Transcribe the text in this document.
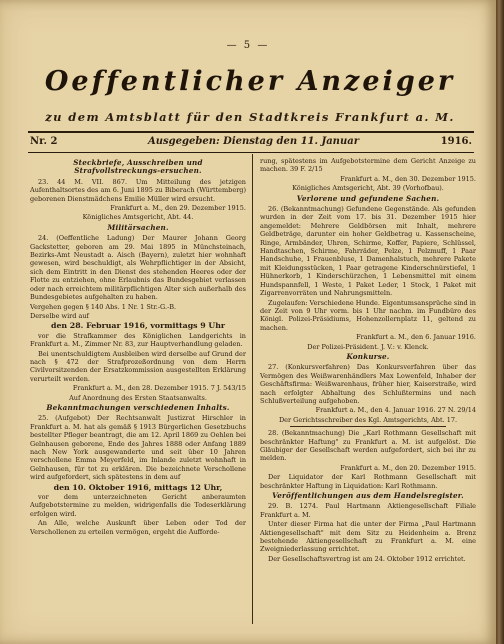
— 5 —
Oeffentlicher Anzeiger
zu dem Amtsblatt für den Stadtkreis Frankfurt a. M.
Nr. 2	Ausgegeben: Dienstag den 11. Januar	1916.
Steckbriefe, Ausschreiben und Strafvollstreckungs-ersuchen.

23. 44 M. VII. 867. Um Mitteilung des jetzigen Aufenthaltsortes des am 6. Juni 1895 zu Biberach (Württemberg) geborenen Dienstmädchens Emilie Müller wird ersucht.

Frankfurt a. M., den 29. Dezember 1915.

Königliches Amtsgericht, Abt. 44.

Militärsachen.

24. (Oeffentliche Ladung) Der Maurer Johann Georg Gackstetter, geboren am 29. Mai 1895 in Münchsteinach, Bezirks-Amt Neustadt a. Aisch (Bayern), zuletzt hier wohnhaft gewesen, wird beschuldigt, als Wehrpflichtiger in der Absicht, sich dem Eintritt in den Dienst des stehenden Heeres oder der Flotte zu entziehen, ohne Erlaubnis das Bundesgebiet verlassen oder nach erreichtem militärpflichtigen Alter sich außerhalb des Bundesgebietes aufgehalten zu haben.

Vergehen gegen § 140 Abs. 1 Nr. 1 Str.-G.-B.

Derselbe wird auf

den 28. Februar 1916, vormittags 9 Uhr

vor die Strafkammer des Königlichen Landgerichts in Frankfurt a. M., Zimmer Nr. 83, zur Hauptverhandlung geladen.

Bei unentschuldigtem Ausbleiben wird derselbe auf Grund der nach § 472 der Strafprozeßordnung von dem Herrn Civilvorsitzenden der Ersatzkommission ausgestellten Erklärung verurteilt werden.

Frankfurt a. M., den 28. Dezember 1915. 7 J. 543/15

Auf Anordnung des Ersten Staatsanwalts.

Bekanntmachungen verschiedenen Inhalts.

25. (Aufgebot) Der Rechtsanwalt Justizrat Hirschler in Frankfurt a. M. hat als gemäß § 1913 Bürgerlichen Gesetzbuchs bestellter Pfleger beantragt, die am 12. April 1869 zu Oehlen bei Gelnhausen geborene, Ende des Jahres 1888 oder Anfang 1889 nach New York ausgewanderte und seit über 10 Jahren verschollene Emma Meyerfeld, im Inlande zuletzt wohnhaft in Gelnhausen, für tot zu erklären. Die bezeichnete Verschollene wird aufgefordert, sich spätestens in dem auf

den 10. Oktober 1916, mittags 12 Uhr,

vor dem unterzeichneten Gericht anberaumten Aufgebotstermine zu melden, widrigenfalls die Todeserklärung erfolgen wird.

An Alle, welche Auskunft über Leben oder Tod der Verschollenen zu erteilen vermögen, ergeht die Aufforde-

rung, spätestens im Aufgebotstermine dem Gericht Anzeige zu machen. 39 F. 2/15

Frankfurt a. M., den 30. Dezember 1915.

Königliches Amtsgericht, Abt. 39 (Vorhofbau).

Verlorene und gefundene Sachen.

26. (Bekanntmachung) Gefundene Gegenstände. Als gefunden wurden in der Zeit vom 17. bis 31. Dezember 1915 hier angemeldet: Mehrere Geldbörsen mit Inhalt, mehrere Geldbeträge, darunter ein hoher Geldbetrag u. Kassenscheine, Ringe, Armbänder, Uhren, Schirme, Koffer, Papiere, Schlüssel, Handtaschen, Schirme, Fahrräder, Pelze, 1 Pelzmuff, 1 Paar Handschuhe, 1 Frauenbluse, 1 Damenhalstuch, mehrere Pakete mit Kleidungsstücken, 1 Paar getragene Kinderschnürstiefel, 1 Hühnerkorb, 1 Kinderschürzchen, 1 Lebensmittel mit einem Hundspannfell, 1 Weste, 1 Paket Leder, 1 Stock, 1 Paket mit Zigarrenvorräten und Nahrungsmitteln.

Zugelaufen: Verschiedene Hunde. Eigentumsansprüche sind in der Zeit von 9 Uhr vorm. bis 1 Uhr nachm. im Fundbüro des Königl. Polizei-Präsidiums, Hohenzollernplatz 11, geltend zu machen.

Frankfurt a. M., den 6. Januar 1916.

Der Polizei-Präsident. J. V.: v. Klenck.

Konkurse.

27. (Konkursverfahren) Das Konkursverfahren über das Vermögen des Weißwarenhändlers Max Lowenfeld, Inhaber der Geschäftsfirma: Weißwarenhaus, früher hier, Kaiserstraße, wird nach erfolgter Abhaltung des Schlußtermins und nach Schlußverteilung aufgehoben.

Frankfurt a. M., den 4. Januar 1916. 27 N. 29/14

Der Gerichtsschreiber des Kgl. Amtsgerichts, Abt. 17.

28. (Bekanntmachung) Die „Karl Rothmann Gesellschaft mit beschränkter Haftung" zu Frankfurt a. M. ist aufgelöst. Die Gläubiger der Gesellschaft werden aufgefordert, sich bei ihr zu melden.

Frankfurt a. M., den 20. Dezember 1915.

Der Liquidator der Karl Rothmann Gesellschaft mit beschränkter Haftung in Liquidation: Karl Rothmann.

Veröffentlichungen aus dem Handelsregister.

29. B. 1274. Paul Hartmann Aktiengesellschaft Filiale Frankfurt a. M.

Unter dieser Firma hat die unter der Firma „Paul Hartmann Aktiengesellschaft" mit dem Sitz zu Heidenheim a. Brenz bestehende Aktiengesellschaft zu Frankfurt a. M. eine Zweigniederlassung errichtet.

Der Gesellschaftsvertrag ist am 24. Oktober 1912 errichtet.
